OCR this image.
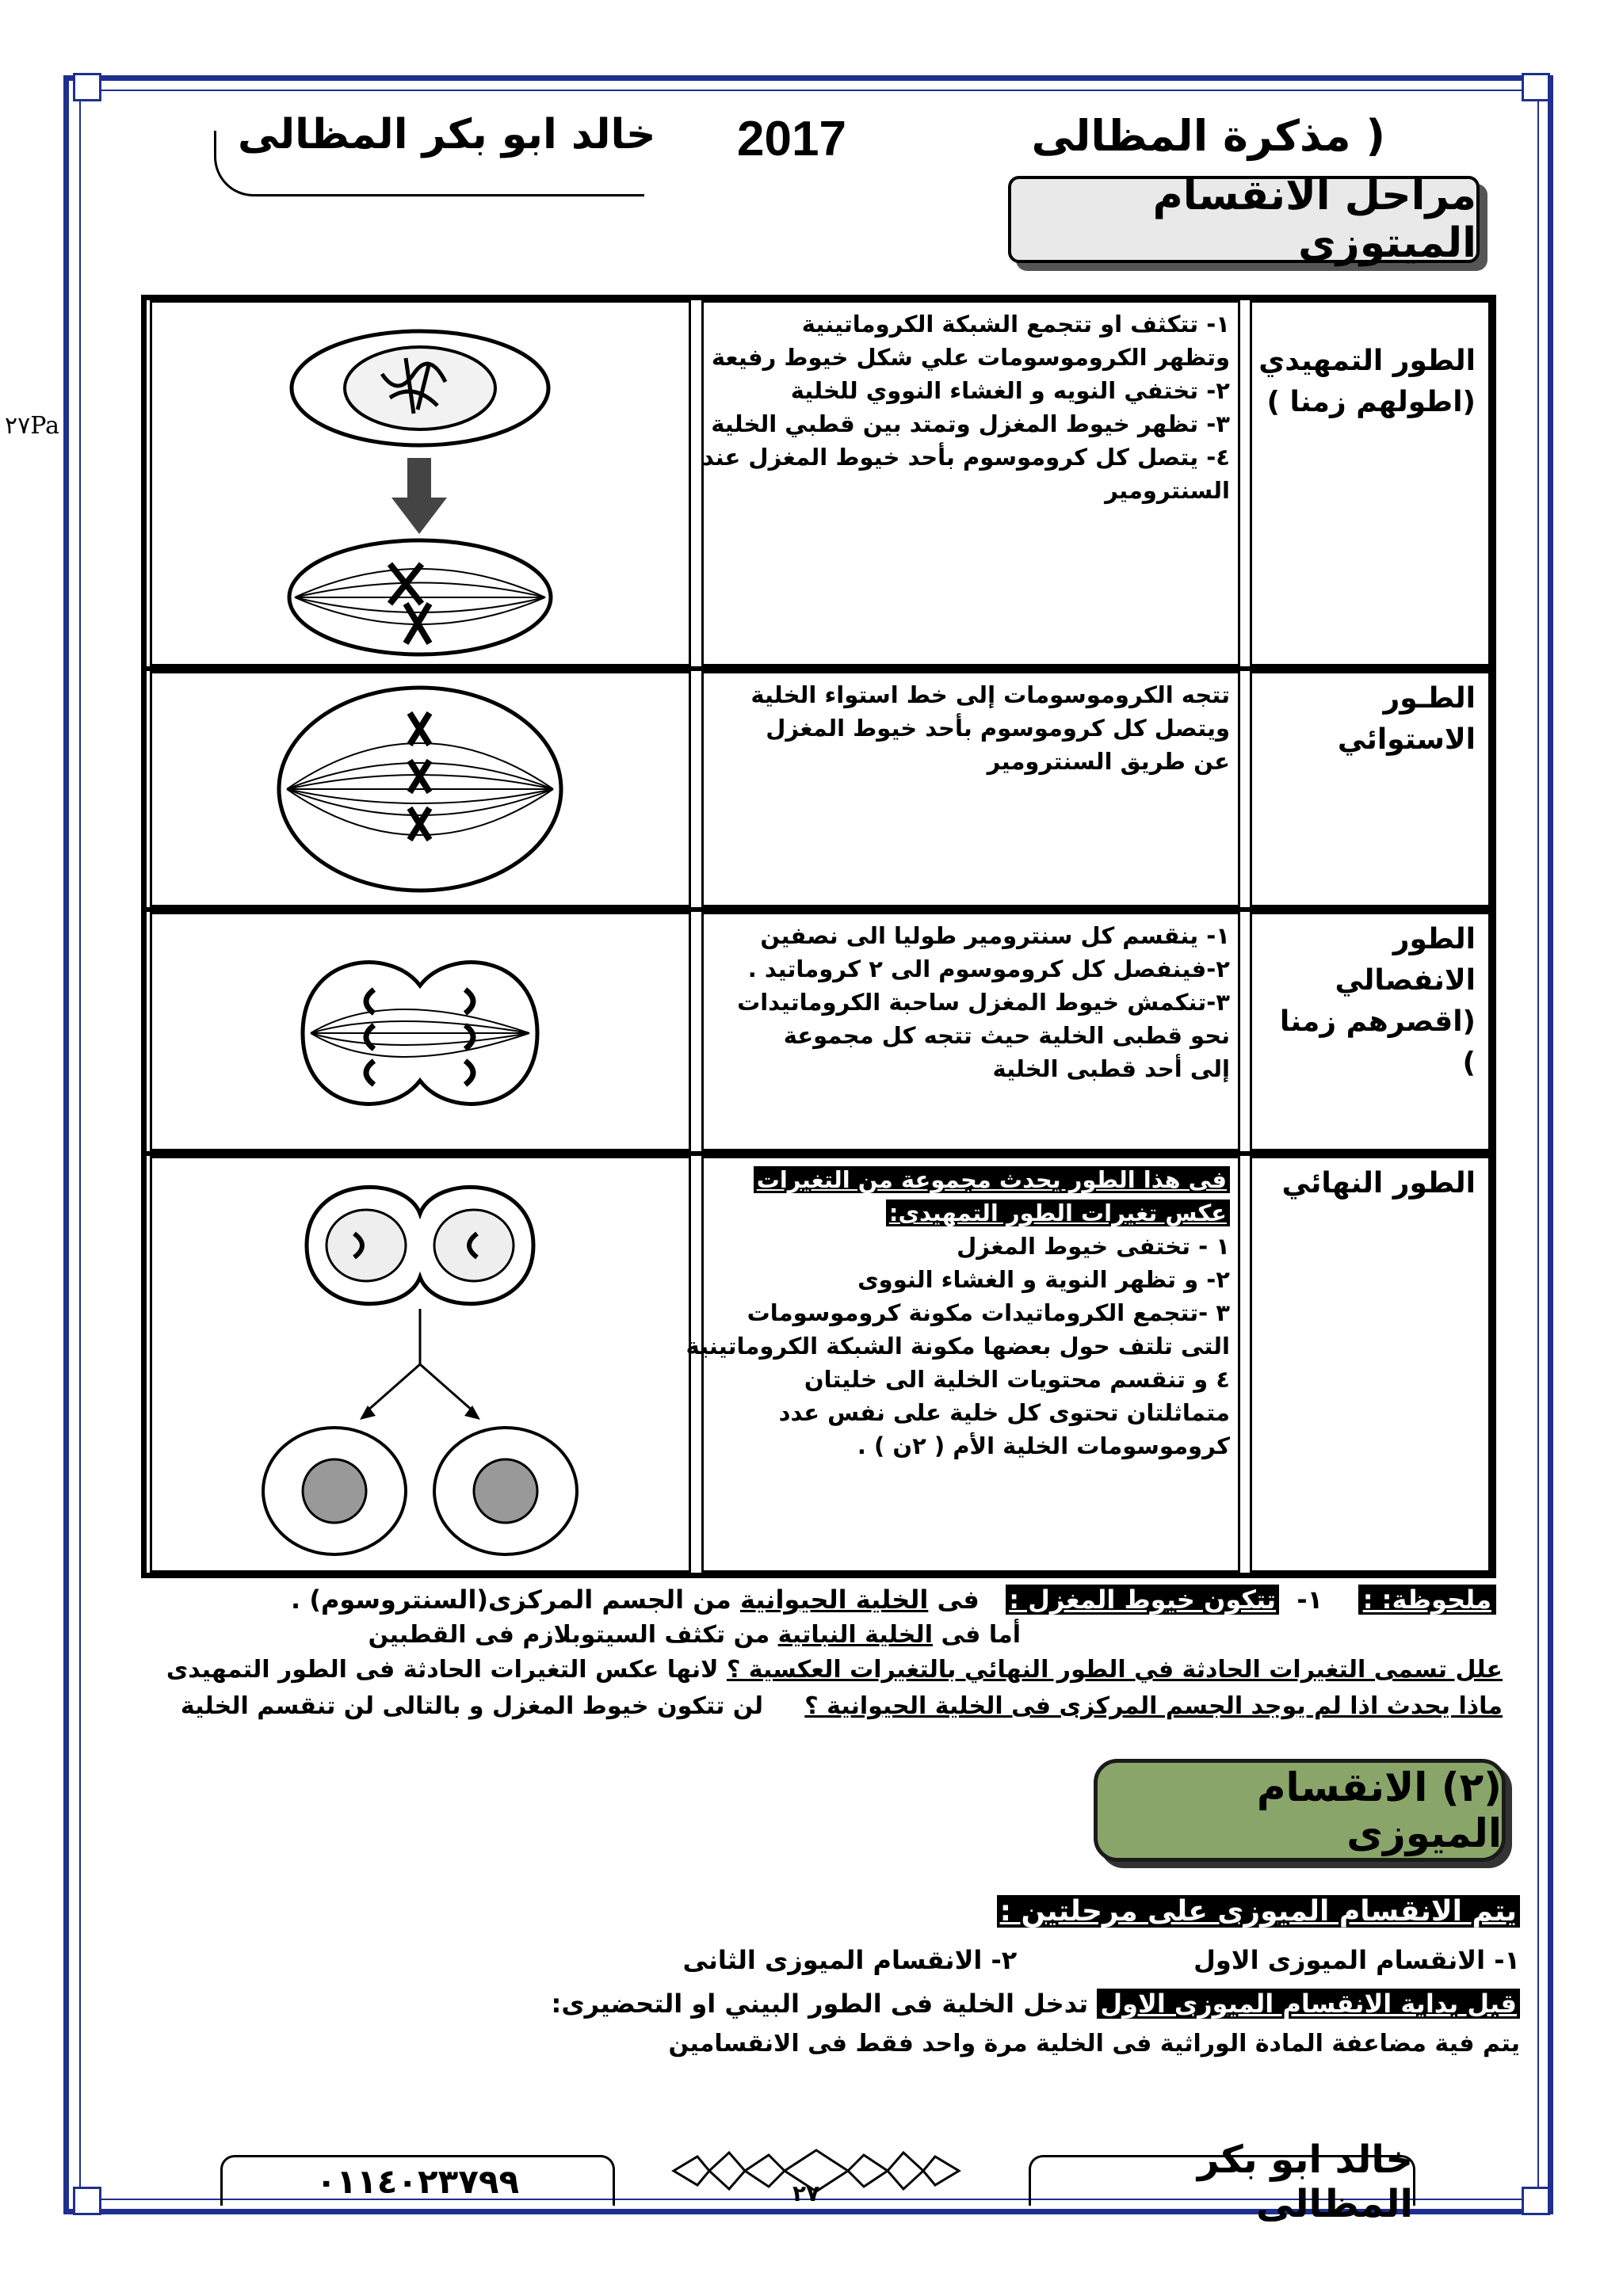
٢٧Pa
( مذكرة المظالى
2017
خالد ابو بكر المظالى
مراحل الانقسام الميتوزى
١- تتكثف او تتجمع الشبكة الكروماتينية
وتظهر الكروموسومات علي شكل خيوط رفيعة
٢- تختفي النويه و الغشاء النووي للخلية
٣- تظهر خيوط المغزل وتمتد بين قطبي الخلية
٤- يتصل كل كروموسوم بأحد خيوط المغزل عند
السنترومير
الطور التمهيدي
(اطولهم زمنا )
تتجه الكروموسومات إلى خط استواء الخلية
ويتصل كل كروموسوم بأحد خيوط المغزل
عن طريق السنترومير
الطـور الاستوائي
١- ينقسم كل سنترومير طوليا الى نصفين
٢-فينفصل كل كروموسوم الى ٢ كروماتيد .
٣-تنكمش خيوط المغزل ساحبة الكروماتيدات
نحو قطبى الخلية حيث تتجه كل مجموعة
إلى أحد قطبى الخلية
الطور الانفصالي
(اقصرهم زمنا )
فى هذا الطور يحدث مجموعة من التغيرات
عكس تغيرات الطور التمهيدى:
١ - تختفى خيوط المغزل
٢- و تظهر النوية و الغشاء النووى
٣ -تتجمع الكروماتيدات مكونة كروموسومات
التى تلتف حول بعضها مكونة الشبكة الكروماتينية
٤ و تنقسم محتويات الخلية الى خليتان
متماثلتان تحتوى كل خلية على نفس عدد
كروموسومات الخلية الأم ( ٢ن ) .
الطور النهائي
ملحوظة: :    ١-  تتكون خيوط المغزل :   فى الخلية الحيوانية من الجسم المركزى(السنتروسوم) .
أما فى الخلية النباتية من تكثف السيتوبلازم فى القطبين
علل تسمى التغيرات الحادثة في الطور النهائي بالتغيرات العكسية ؟ لانها عكس التغيرات الحادثة فى الطور التمهيدى
ماذا يحدث اذا لم يوجد الجسم المركزى فى الخلية الحيوانية ؟     لن تتكون خيوط المغزل و بالتالى لن تنقسم الخلية
(٢) الانقسام الميوزى
يتم الانقسام الميوزى على مرحلتين :
١- الانقسام الميوزى الاول                    ٢- الانقسام الميوزى الثانى
قبل بداية الانقسام الميوزى الاول تدخل الخلية فى الطور البيني او التحضيرى:
يتم فية مضاعفة المادة الوراثية فى الخلية مرة واحد فقط فى الانقسامين
٠١١٤٠٢٣٧٩٩	٢٧
خالد ابو بكر المظالى
